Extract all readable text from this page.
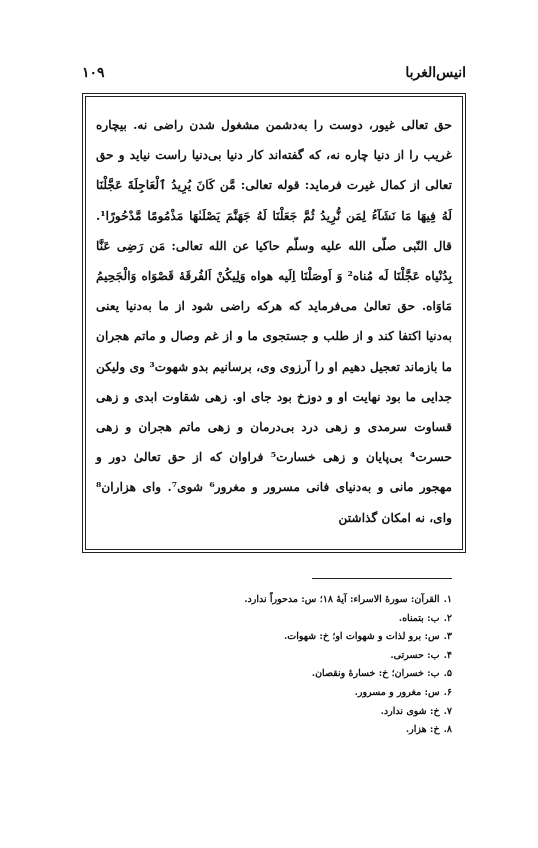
انیس‌الغربا
۱۰۹

حق تعالی غیور، دوست را به‌دشمن مشغول شدن راضی نه. بیچاره غریب را از دنیا چاره نه، که گفته‌اند کار دنیا بی‌دنیا راست نیاید و حق تعالی از کمال غیرت فرماید: قوله تعالی: مَّن كَانَ يُرِيدُ ٱلْعَاجِلَةَ عَجَّلْنَا لَهُ فِيهَا مَا نَشَآءُ لِمَن نُّرِيدُ ثُمَّ جَعَلْنَا لَهُ جَهَنَّمَ يَصْلَىٰهَا مَذْمُومًا مَّدْحُورًا¹. قال النّبی صلّی الله علیه وسلّم حاکیا عن الله تعالی: مَن رَضِی عَنَّا بِدُنْیاه عَجَّلْنَا لَه مُناه² وَ اَوصَلْنَا اِلَیه هواه وَلِیکُنْ اَلفُرقَهٔ قَصْوَاه وَالْجَحِیمُ مَاوَاه. حق تعالیٰ می‌فرماید که هرکه راضی شود از ما به‌دنیا یعنی به‌دنیا اکتفا کند و از طلب و جستجوی ما و از غم وصال و ماتم هجران ما بازماند تعجیل دهیم او را آرزوی وی، برسانیم بدو شهوت³ وی ولیکن جدایی ما بود نهایت او و دوزخ بود جای او. زهی شقاوت ابدی و زهی قساوت سرمدی و زهی درد بی‌درمان و زهی ماتم هجران و زهی حسرت⁴ بی‌پایان و زهی خسارت⁵ فراوان که از حق تعالیٰ دور و مهجور مانی و به‌دنیای فانی مسرور و مغرور⁶ شوی⁷. وای هزاران⁸ وای، نه امکان گذاشتن

۱.القرآن: سورهٔ الاسراء: آیهٔ ۱۸؛ س: مدحوراً ندارد.
۲.ب: بتمناه.
۳.س: برو لذات و شهوات او؛ خ: شهوات.
۴.ب: حسرتی.
۵.ب: خسران؛ خ: خسارهٔ ونقصان.
۶.س: مغرور و مسرور.
۷.خ: شوی ندارد.
۸.خ: هزار.
